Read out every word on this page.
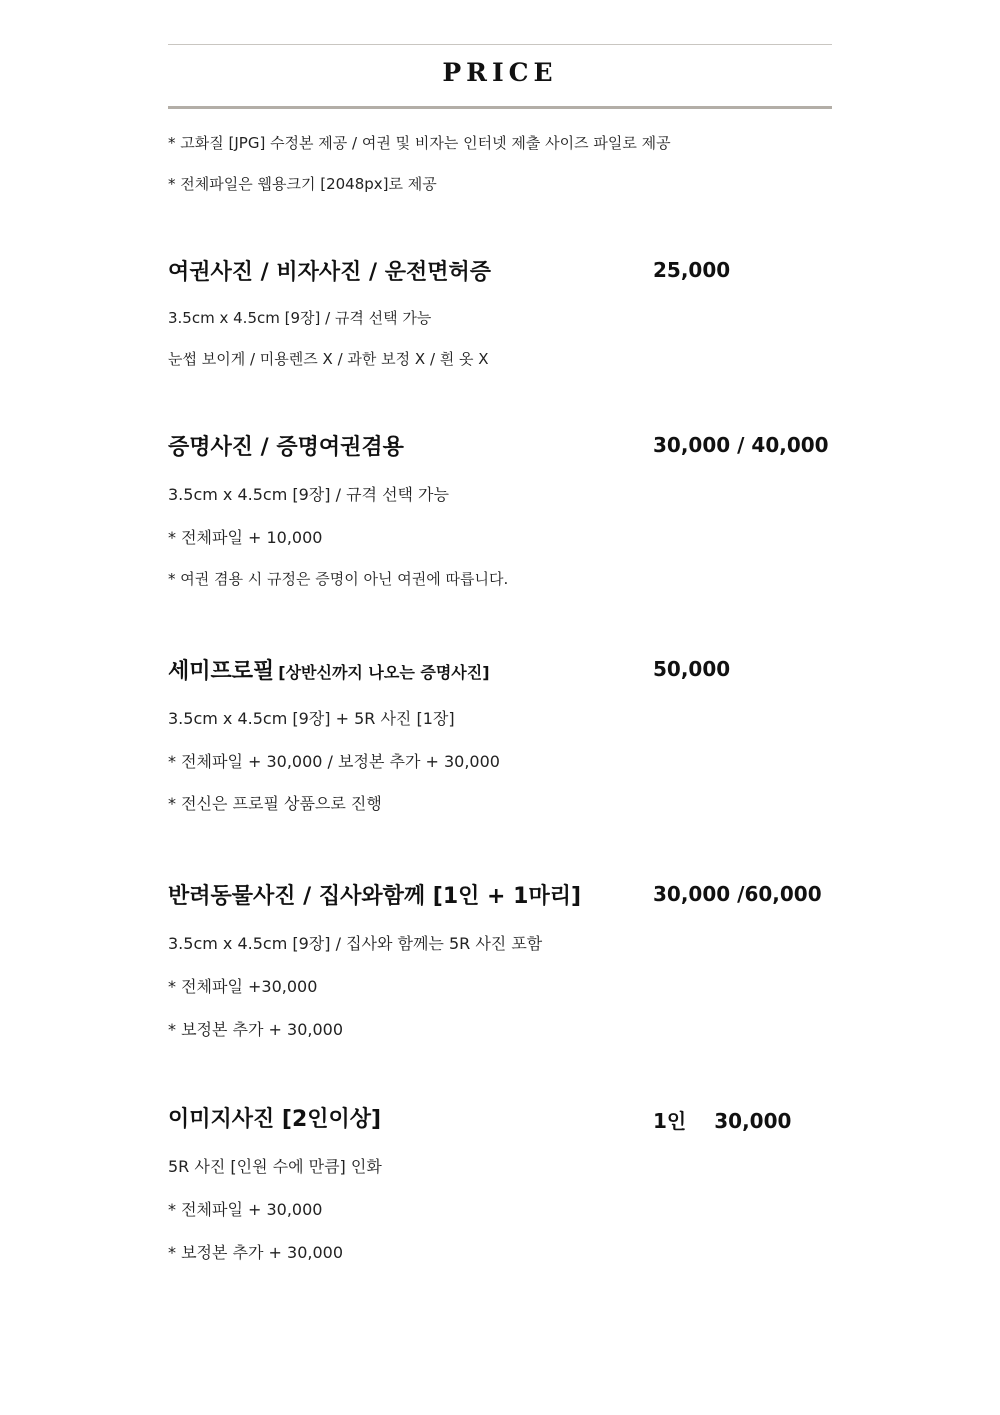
PRICE
* 고화질 [JPG] 수정본 제공 / 여권 및 비자는 인터넷 제출 사이즈 파일로 제공
* 전체파일은 웹용크기 [2048px]로 제공
여권사진 / 비자사진 / 운전면허증	25,000
3.5cm x 4.5cm [9장] / 규격 선택 가능
눈썹 보이게 / 미용렌즈 X / 과한 보정 X / 흰 옷 X
증명사진 / 증명여권겸용	30,000 / 40,000
3.5cm x 4.5cm [9장] / 규격 선택 가능
* 전체파일 + 10,000
* 여권 겸용 시 규정은 증명이 아닌 여권에 따릅니다.
세미프로필 [상반신까지 나오는 증명사진]	50,000
3.5cm x 4.5cm [9장] + 5R 사진 [1장]
* 전체파일 + 30,000 / 보정본 추가 + 30,000
* 전신은 프로필 상품으로 진행
반려동물사진 / 집사와함께 [1인 + 1마리]	30,000 /60,000
3.5cm x 4.5cm [9장] / 집사와 함께는 5R 사진 포함
* 전체파일 +30,000
* 보정본 추가 + 30,000
이미지사진 [2인이상]	1인 30,000
5R 사진 [인원 수에 만큼] 인화
* 전체파일 + 30,000
* 보정본 추가 + 30,000
